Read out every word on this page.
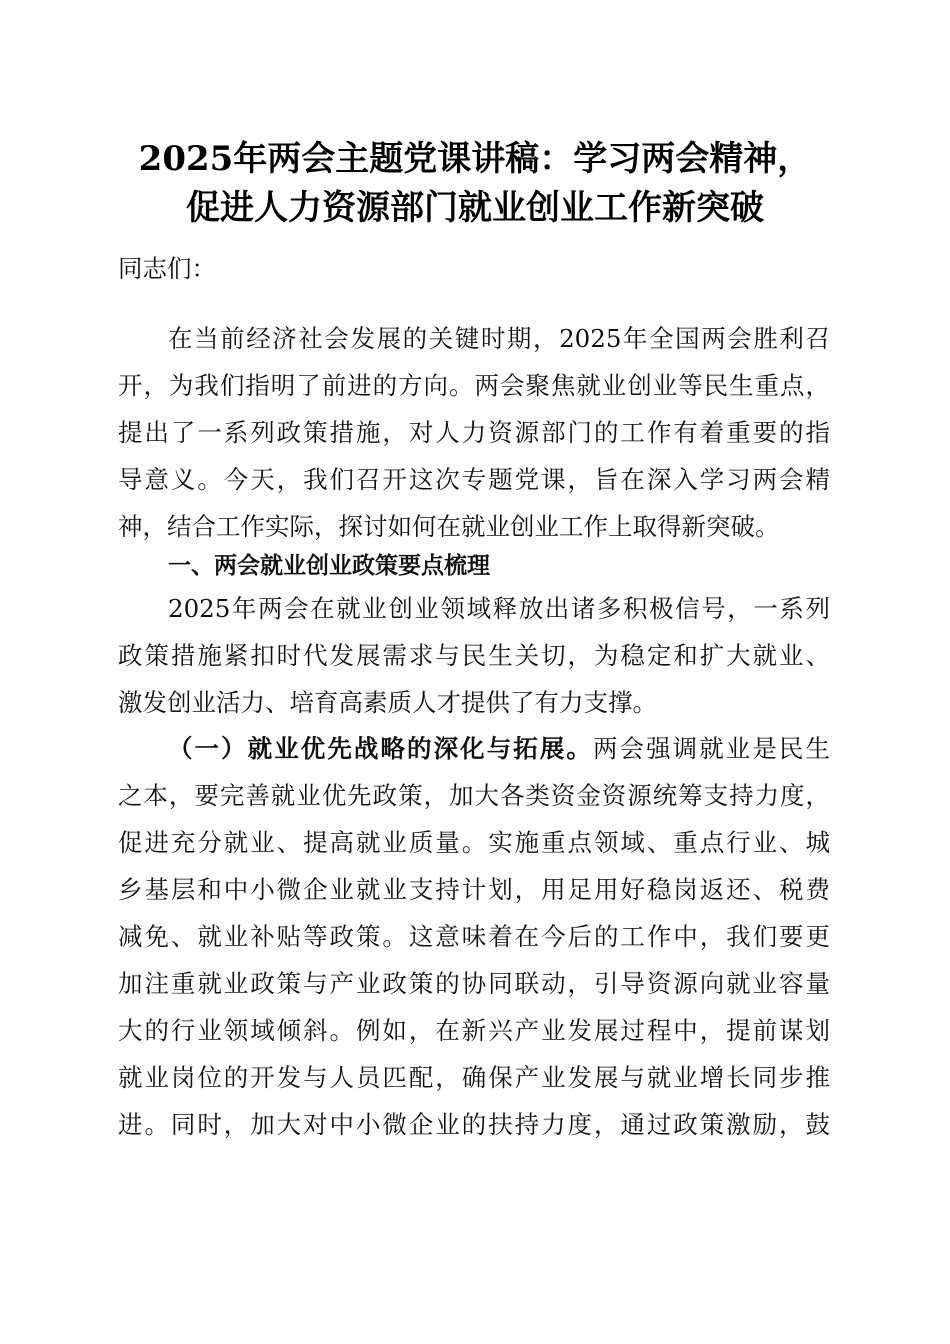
2025年两会主题党课讲稿：学习两会精神，
促进人力资源部门就业创业工作新突破
同志们：
在当前经济社会发展的关键时期，2025年全国两会胜利召
开，为我们指明了前进的方向。两会聚焦就业创业等民生重点，
提出了一系列政策措施，对人力资源部门的工作有着重要的指
导意义。今天，我们召开这次专题党课，旨在深入学习两会精
神，结合工作实际，探讨如何在就业创业工作上取得新突破。
一、两会就业创业政策要点梳理
2025年两会在就业创业领域释放出诸多积极信号，一系列
政策措施紧扣时代发展需求与民生关切，为稳定和扩大就业、
激发创业活力、培育高素质人才提供了有力支撑。
（一）就业优先战略的深化与拓展。两会强调就业是民生
之本，要完善就业优先政策，加大各类资金资源统筹支持力度，
促进充分就业、提高就业质量。实施重点领域、重点行业、城
乡基层和中小微企业就业支持计划，用足用好稳岗返还、税费
减免、就业补贴等政策。这意味着在今后的工作中，我们要更
加注重就业政策与产业政策的协同联动，引导资源向就业容量
大的行业领域倾斜。例如，在新兴产业发展过程中，提前谋划
就业岗位的开发与人员匹配，确保产业发展与就业增长同步推
进。同时，加大对中小微企业的扶持力度，通过政策激励，鼓
